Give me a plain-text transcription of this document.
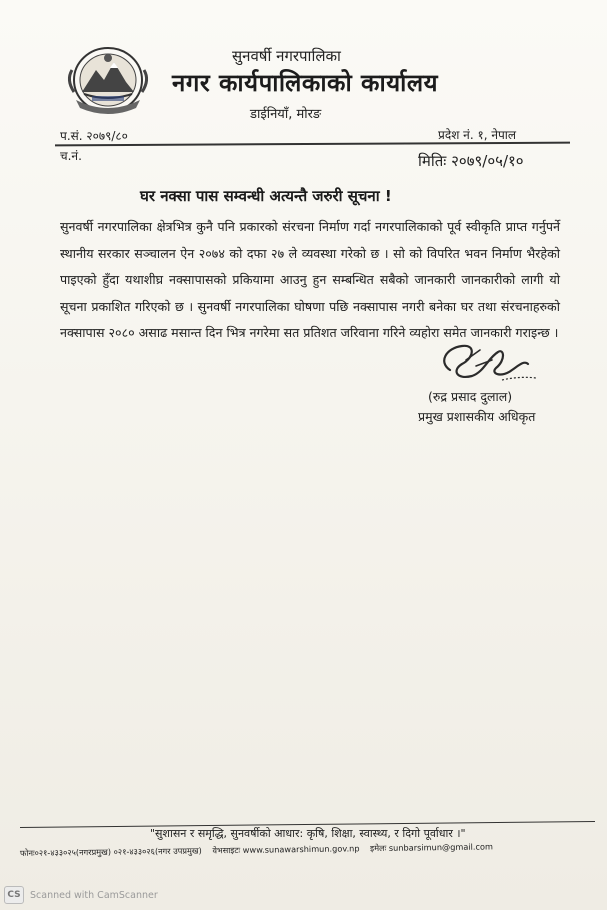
सुनवर्षी नगरपालिका
नगर कार्यपालिकाको कार्यालय
डाईनियाँ, मोरङ
प.सं. २०७९/८०	प्रदेश नं. १, नेपाल
च.नं.	मितिः २०७९/०५/१०
घर नक्सा पास सम्वन्धी अत्यन्तै जरुरी सूचना !
सुनवर्षी नगरपालिका क्षेत्रभित्र कुनै पनि प्रकारको संरचना निर्माण गर्दा नगरपालिकाको पूर्व स्वीकृति प्राप्त गर्नुपर्ने स्थानीय सरकार सञ्चालन ऐन २०७४ को दफा २७ ले व्यवस्था गरेको छ । सो को विपरित भवन निर्माण भैरहेको पाइएको हुँदा यथाशीघ्र नक्सापासको प्रकियामा आउनु हुन सम्बन्धित सबैको जानकारी जानकारीको लागी यो सूचना प्रकाशित गरिएको छ । सुनवर्षी नगरपालिका घोषणा पछि नक्सापास नगरी बनेका घर तथा संरचनाहरुको नक्सापास २०८० असाढ मसान्त दिन भित्र नगरेमा सत प्रतिशत जरिवाना गरिने व्यहोरा समेत जानकारी गराइन्छ ।
(रुद्र प्रसाद दुलाल)
प्रमुख प्रशासकीय अधिकृत
"सुशासन र समृद्धि, सुनवर्षीको आधार: कृषि, शिक्षा, स्वास्थ्य, र दिगो पूर्वाधार ।"
फोनः०२१-४३३०२५(नगरप्रमुख) ०२१-४३३०२६(नगर उपप्रमुख) वेभसाइटः www.sunawarshimun.gov.np इमेलः sunbarsimun@gmail.com
CS Scanned with CamScanner
